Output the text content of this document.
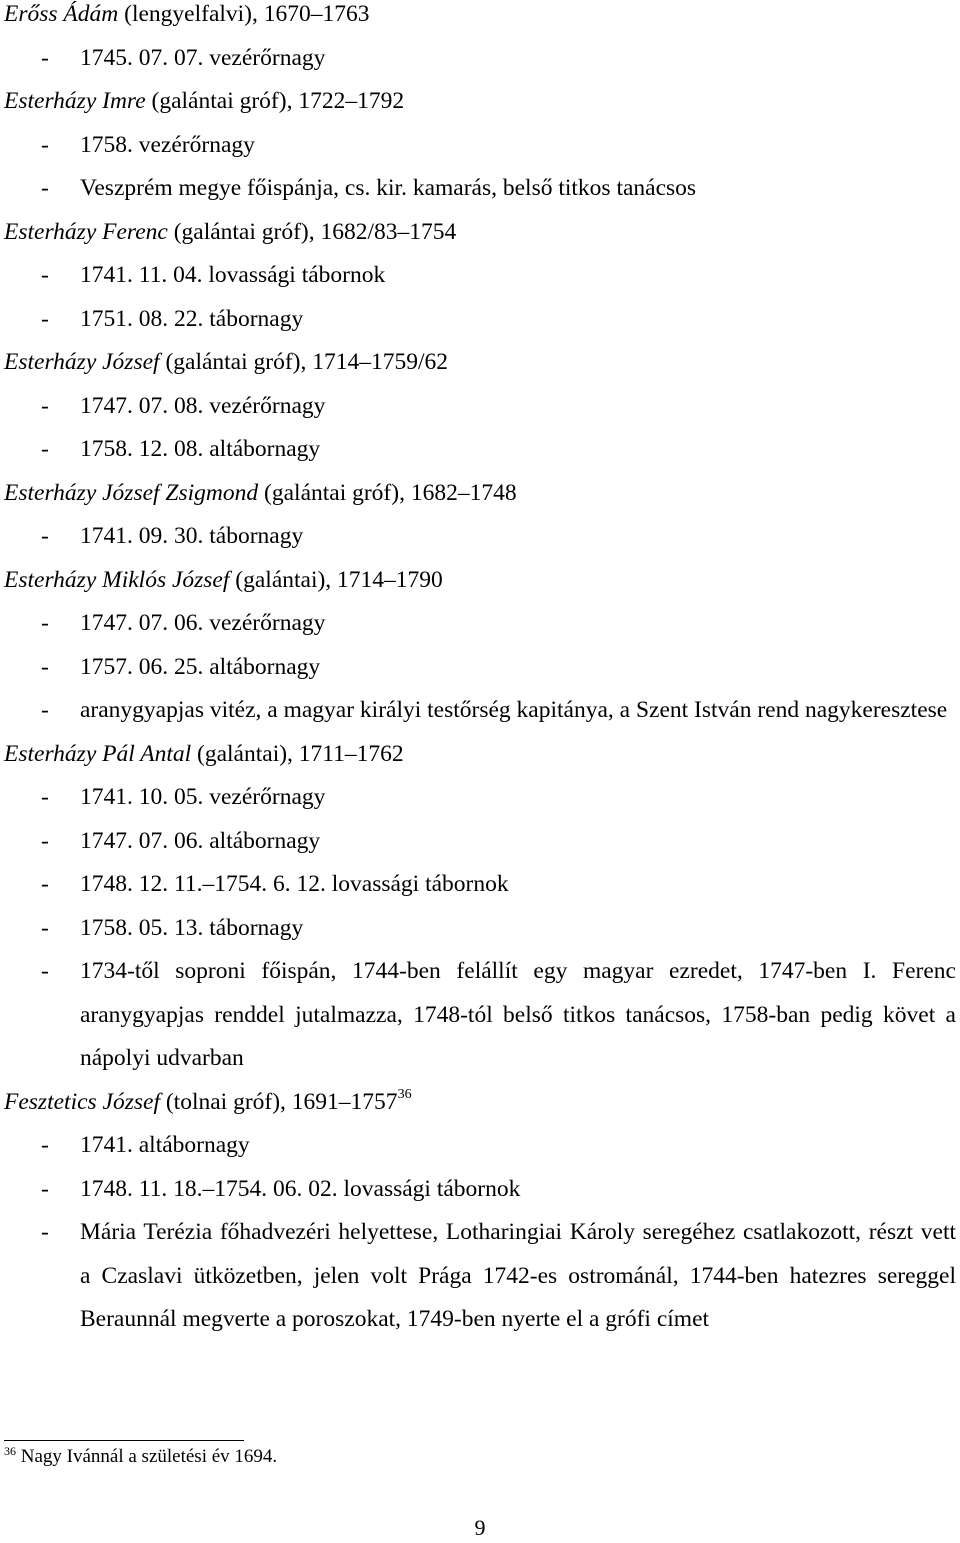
Erőss Ádám (lengyelfalvi), 1670–1763

- 1745. 07. 07. vezérőrnagy

Esterházy Imre (galántai gróf), 1722–1792

- 1758. vezérőrnagy
- Veszprém megye főispánja, cs. kir. kamarás, belső titkos tanácsos

Esterházy Ferenc (galántai gróf), 1682/83–1754

- 1741. 11. 04. lovassági tábornok
- 1751. 08. 22. tábornagy

Esterházy József (galántai gróf), 1714–1759/62

- 1747. 07. 08. vezérőrnagy
- 1758. 12. 08. altábornagy

Esterházy József Zsigmond (galántai gróf), 1682–1748

- 1741. 09. 30. tábornagy

Esterházy Miklós József (galántai), 1714–1790

- 1747. 07. 06. vezérőrnagy
- 1757. 06. 25. altábornagy
- aranygyapjas vitéz, a magyar királyi testőrség kapitánya, a Szent István rend nagykeresztese

Esterházy Pál Antal (galántai), 1711–1762

- 1741. 10. 05. vezérőrnagy
- 1747. 07. 06. altábornagy
- 1748. 12. 11.–1754. 6. 12. lovassági tábornok
- 1758. 05. 13. tábornagy
- 1734-től soproni főispán, 1744-ben felállít egy magyar ezredet, 1747-ben I. Ferenc aranygyapjas renddel jutalmazza, 1748-tól belső titkos tanácsos, 1758-ban pedig követ a nápolyi udvarban

Fesztetics József (tolnai gróf), 1691–1757$^{36}$

- 1741. altábornagy
- 1748. 11. 18.–1754. 06. 02. lovassági tábornok
- Mária Terézia főhadvezéri helyettese, Lotharingiai Károly seregéhez csatlakozott, részt vett a Czaslavi ütközetben, jelen volt Prága 1742-es ostrománál, 1744-ben hatezres sereggel Beraunnál megverte a poroszokat, 1749-ben nyerte el a grófi címet
$^{36}$ Nagy Ivánnál a születési év 1694.
9
